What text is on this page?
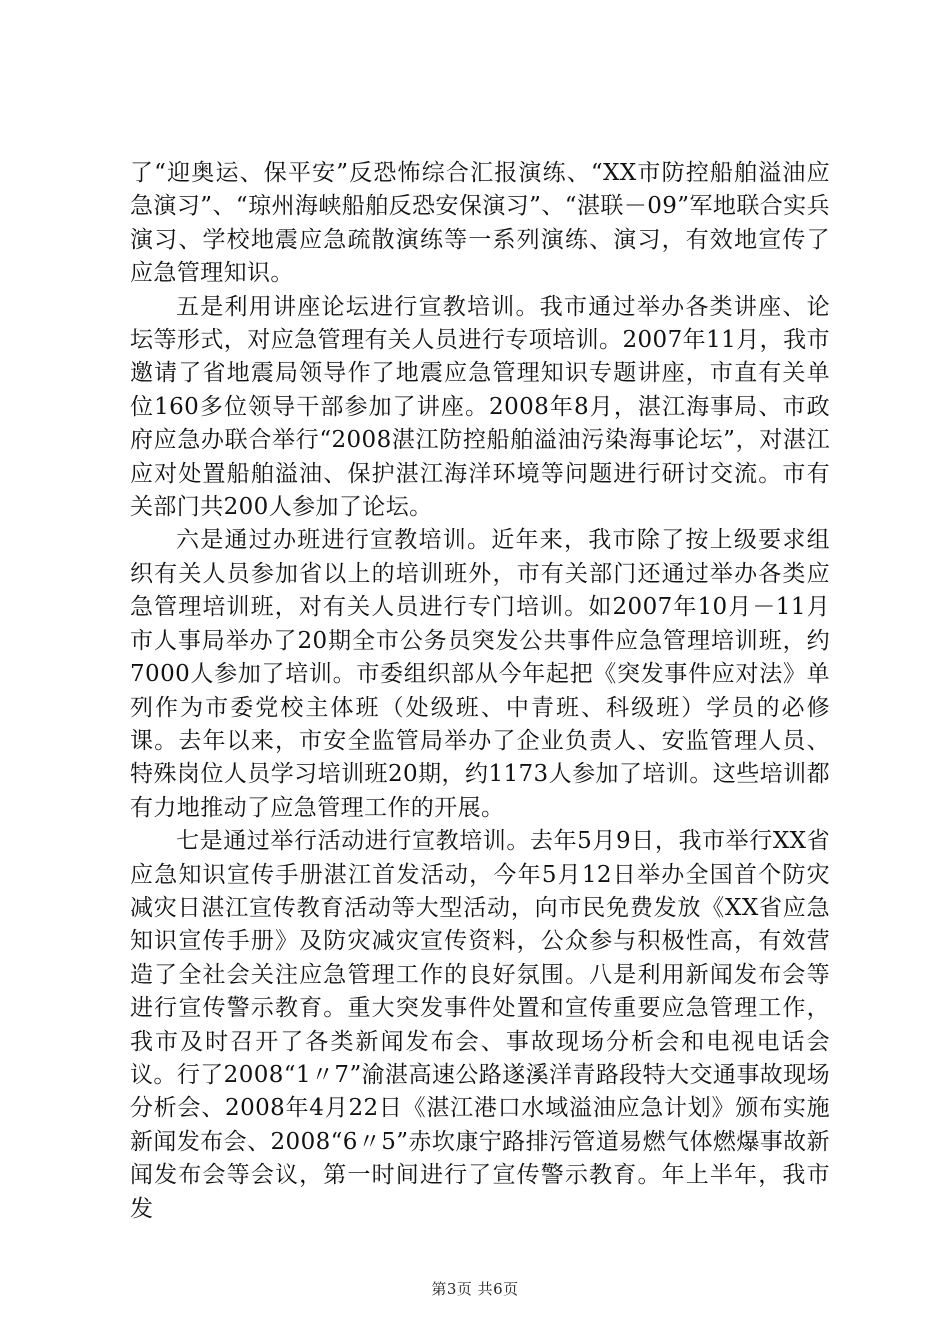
了“迎奥运、保平安”反恐怖综合汇报演练、“XX市防控船舶溢油应急演习”、“琼州海峡船舶反恐安保演习”、“湛联－09”军地联合实兵演习、学校地震应急疏散演练等一系列演练、演习，有效地宣传了应急管理知识。

五是利用讲座论坛进行宣教培训。我市通过举办各类讲座、论坛等形式，对应急管理有关人员进行专项培训。2007年11月，我市邀请了省地震局领导作了地震应急管理知识专题讲座，市直有关单位160多位领导干部参加了讲座。2008年8月，湛江海事局、市政府应急办联合举行“2008湛江防控船舶溢油污染海事论坛”，对湛江应对处置船舶溢油、保护湛江海洋环境等问题进行研讨交流。市有关部门共200人参加了论坛。

六是通过办班进行宣教培训。近年来，我市除了按上级要求组织有关人员参加省以上的培训班外，市有关部门还通过举办各类应急管理培训班，对有关人员进行专门培训。如2007年10月－11月市人事局举办了20期全市公务员突发公共事件应急管理培训班，约7000人参加了培训。市委组织部从今年起把《突发事件应对法》单列作为市委党校主体班（处级班、中青班、科级班）学员的必修课。去年以来，市安全监管局举办了企业负责人、安监管理人员、特殊岗位人员学习培训班20期，约1173人参加了培训。这些培训都有力地推动了应急管理工作的开展。

七是通过举行活动进行宣教培训。去年5月9日，我市举行XX省应急知识宣传手册湛江首发活动，今年5月12日举办全国首个防灾减灾日湛江宣传教育活动等大型活动，向市民免费发放《XX省应急知识宣传手册》及防灾减灾宣传资料，公众参与积极性高，有效营造了全社会关注应急管理工作的良好氛围。八是利用新闻发布会等进行宣传警示教育。重大突发事件处置和宣传重要应急管理工作，我市及时召开了各类新闻发布会、事故现场分析会和电视电话会议。行了2008“1〃7”渝湛高速公路遂溪洋青路段特大交通事故现场分析会、2008年4月22日《湛江港口水域溢油应急计划》颁布实施新闻发布会、2008“6〃5”赤坎康宁路排污管道易燃气体燃爆事故新闻发布会等会议，第一时间进行了宣传警示教育。年上半年，我市发

第3页 共6页
